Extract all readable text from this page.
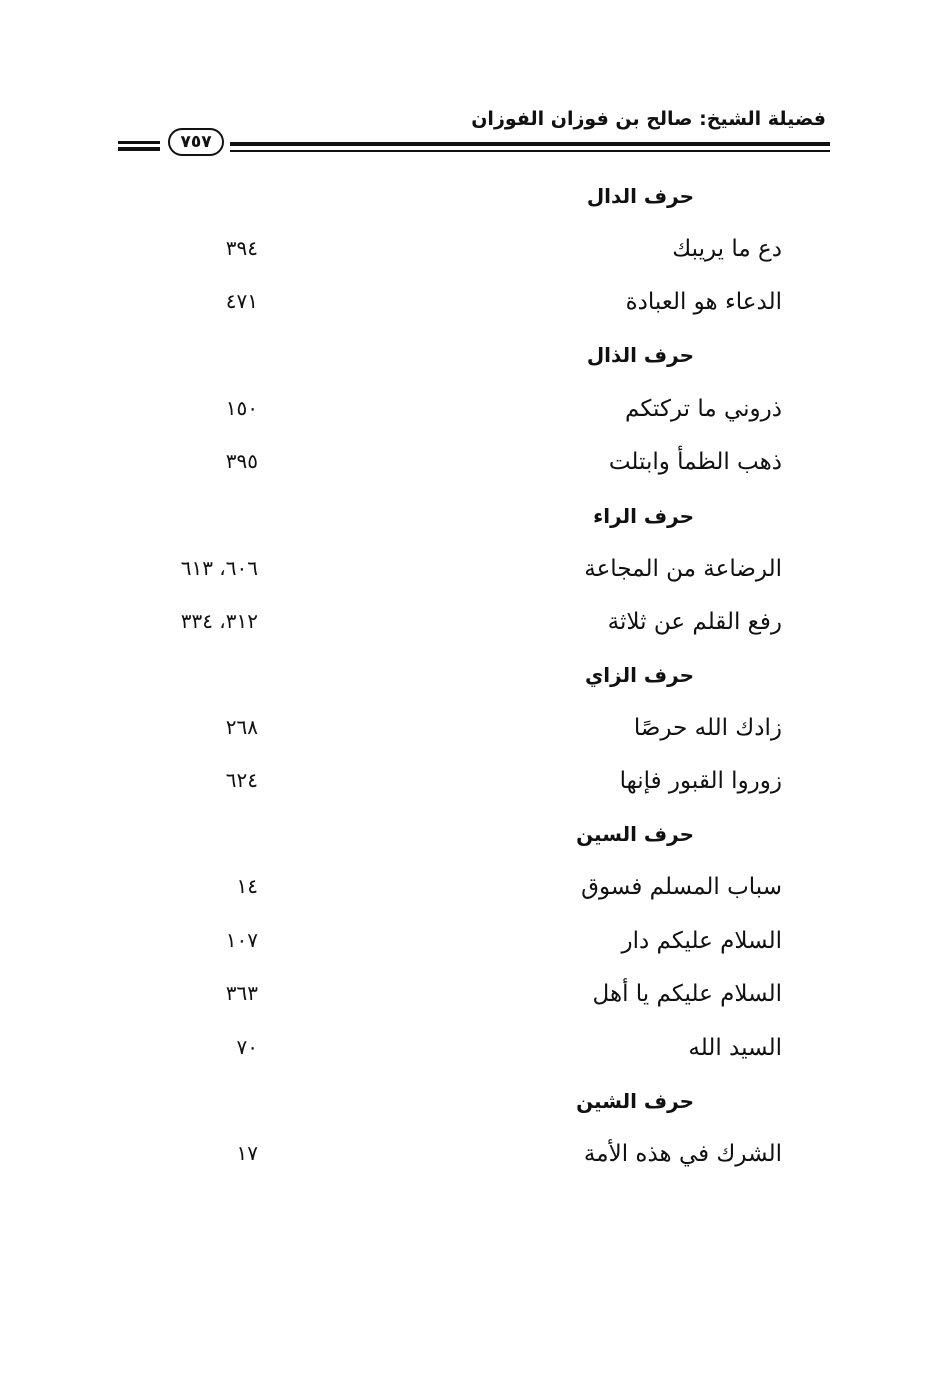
فضيلة الشيخ: صالح بن فوزان الفوزان
٧٥٧
حرف الدال
دع ما يريبك
٣٩٤
الدعاء هو العبادة
٤٧١
حرف الذال
ذروني ما تركتكم
١٥٠
ذهب الظمأ وابتلت
٣٩٥
حرف الراء
الرضاعة من المجاعة
٦٠٦، ٦١٣
رفع القلم عن ثلاثة
٣١٢، ٣٣٤
حرف الزاي
زادك الله حرصًا
٢٦٨
زوروا القبور فإنها
٦٢٤
حرف السين
سباب المسلم فسوق
١٤
السلام عليكم دار
١٠٧
السلام عليكم يا أهل
٣٦٣
السيد الله
٧٠
حرف الشين
الشرك في هذه الأمة
١٧
